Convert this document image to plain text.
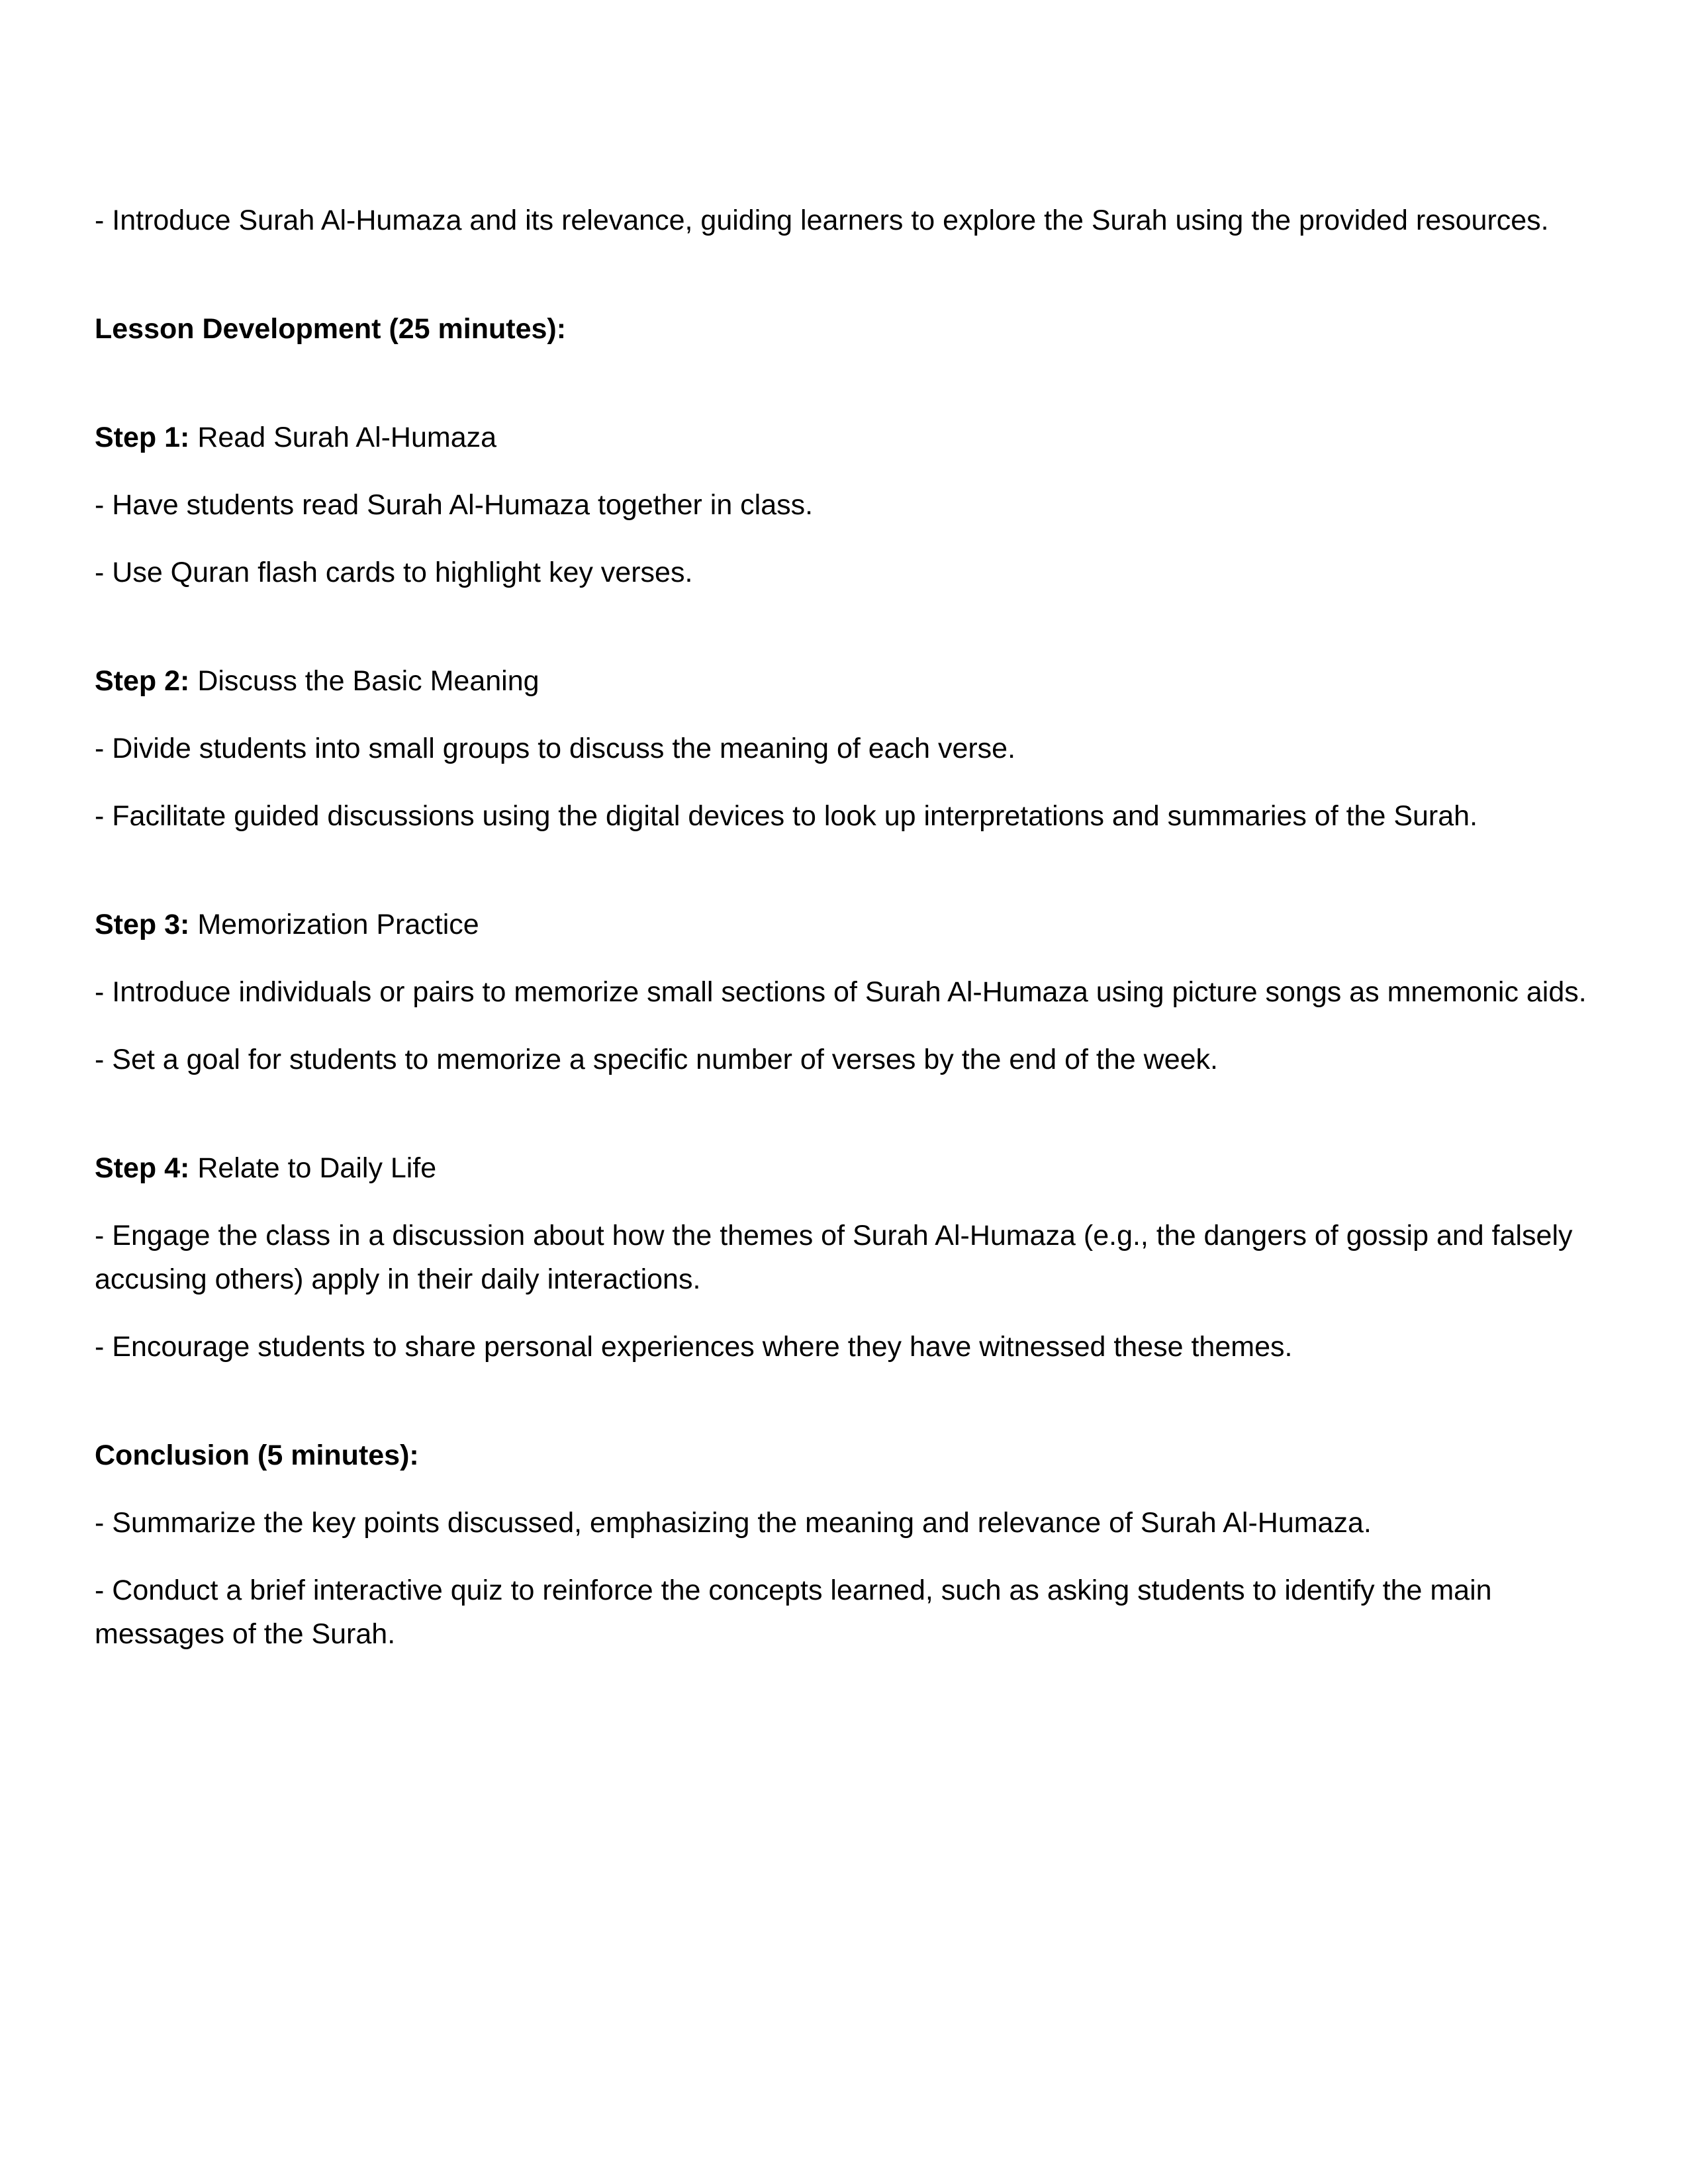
- Introduce Surah Al-Humaza and its relevance, guiding learners to explore the Surah using the provided resources.

Lesson Development (25 minutes):

Step 1: Read Surah Al-Humaza

- Have students read Surah Al-Humaza together in class.

- Use Quran flash cards to highlight key verses.

Step 2: Discuss the Basic Meaning

- Divide students into small groups to discuss the meaning of each verse.

- Facilitate guided discussions using the digital devices to look up interpretations and summaries of the Surah.

Step 3: Memorization Practice

- Introduce individuals or pairs to memorize small sections of Surah Al-Humaza using picture songs as mnemonic aids.

- Set a goal for students to memorize a specific number of verses by the end of the week.

Step 4: Relate to Daily Life

- Engage the class in a discussion about how the themes of Surah Al-Humaza (e.g., the dangers of gossip and falsely accusing others) apply in their daily interactions.

- Encourage students to share personal experiences where they have witnessed these themes.

Conclusion (5 minutes):

- Summarize the key points discussed, emphasizing the meaning and relevance of Surah Al-Humaza.

- Conduct a brief interactive quiz to reinforce the concepts learned, such as asking students to identify the main messages of the Surah.
